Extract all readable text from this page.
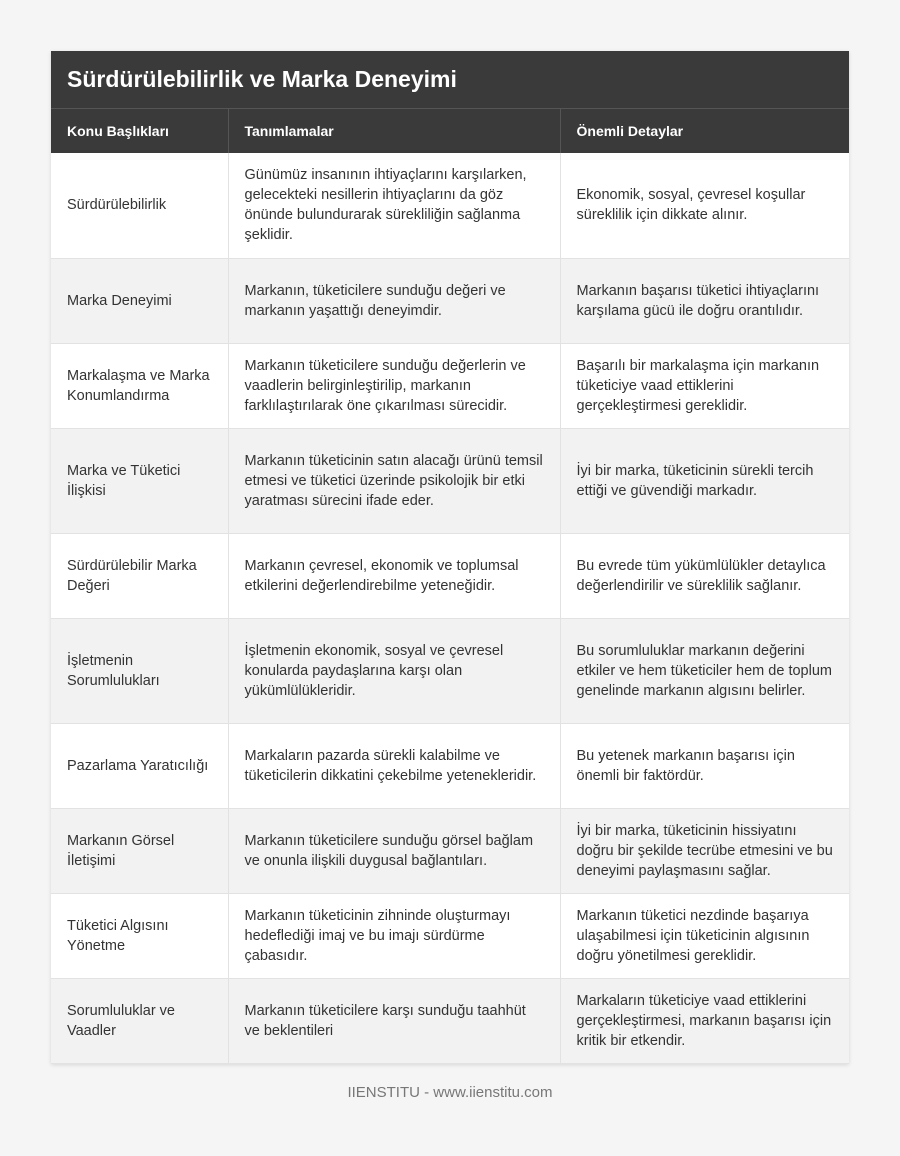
Sürdürülebilirlik ve Marka Deneyimi
Konu Başlıkları	Tanımlamalar	Önemli Detaylar
Sürdürülebilirlik	Günümüz insanının ihtiyaçlarını karşılarken, gelecekteki nesillerin ihtiyaçlarını da göz önünde bulundurarak sürekliliğin sağlanma şeklidir.	Ekonomik, sosyal, çevresel koşullar süreklilik için dikkate alınır.
Marka Deneyimi	Markanın, tüketicilere sunduğu değeri ve markanın yaşattığı deneyimdir.	Markanın başarısı tüketici ihtiyaçlarını karşılama gücü ile doğru orantılıdır.
Markalaşma ve Marka Konumlandırma	Markanın tüketicilere sunduğu değerlerin ve vaadlerin belirginleştirilip, markanın farklılaştırılarak öne çıkarılması sürecidir.	Başarılı bir markalaşma için markanın tüketiciye vaad ettiklerini gerçekleştirmesi gereklidir.
Marka ve Tüketici İlişkisi	Markanın tüketicinin satın alacağı ürünü temsil etmesi ve tüketici üzerinde psikolojik bir etki yaratması sürecini ifade eder.	İyi bir marka, tüketicinin sürekli tercih ettiği ve güvendiği markadır.
Sürdürülebilir Marka Değeri	Markanın çevresel, ekonomik ve toplumsal etkilerini değerlendirebilme yeteneğidir.	Bu evrede tüm yükümlülükler detaylıca değerlendirilir ve süreklilik sağlanır.
İşletmenin Sorumlulukları	İşletmenin ekonomik, sosyal ve çevresel konularda paydaşlarına karşı olan yükümlülükleridir.	Bu sorumluluklar markanın değerini etkiler ve hem tüketiciler hem de toplum genelinde markanın algısını belirler.
Pazarlama Yaratıcılığı	Markaların pazarda sürekli kalabilme ve tüketicilerin dikkatini çekebilme yetenekleridir.	Bu yetenek markanın başarısı için önemli bir faktördür.
Markanın Görsel İletişimi	Markanın tüketicilere sunduğu görsel bağlam ve onunla ilişkili duygusal bağlantıları.	İyi bir marka, tüketicinin hissiyatını doğru bir şekilde tecrübe etmesini ve bu deneyimi paylaşmasını sağlar.
Tüketici Algısını Yönetme	Markanın tüketicinin zihninde oluşturmayı hedeflediği imaj ve bu imajı sürdürme çabasıdır.	Markanın tüketici nezdinde başarıya ulaşabilmesi için tüketicinin algısının doğru yönetilmesi gereklidir.
Sorumluluklar ve Vaadler	Markanın tüketicilere karşı sunduğu taahhüt ve beklentileri	Markaların tüketiciye vaad ettiklerini gerçekleştirmesi, markanın başarısı için kritik bir etkendir.
IIENSTITU - www.iienstitu.com
